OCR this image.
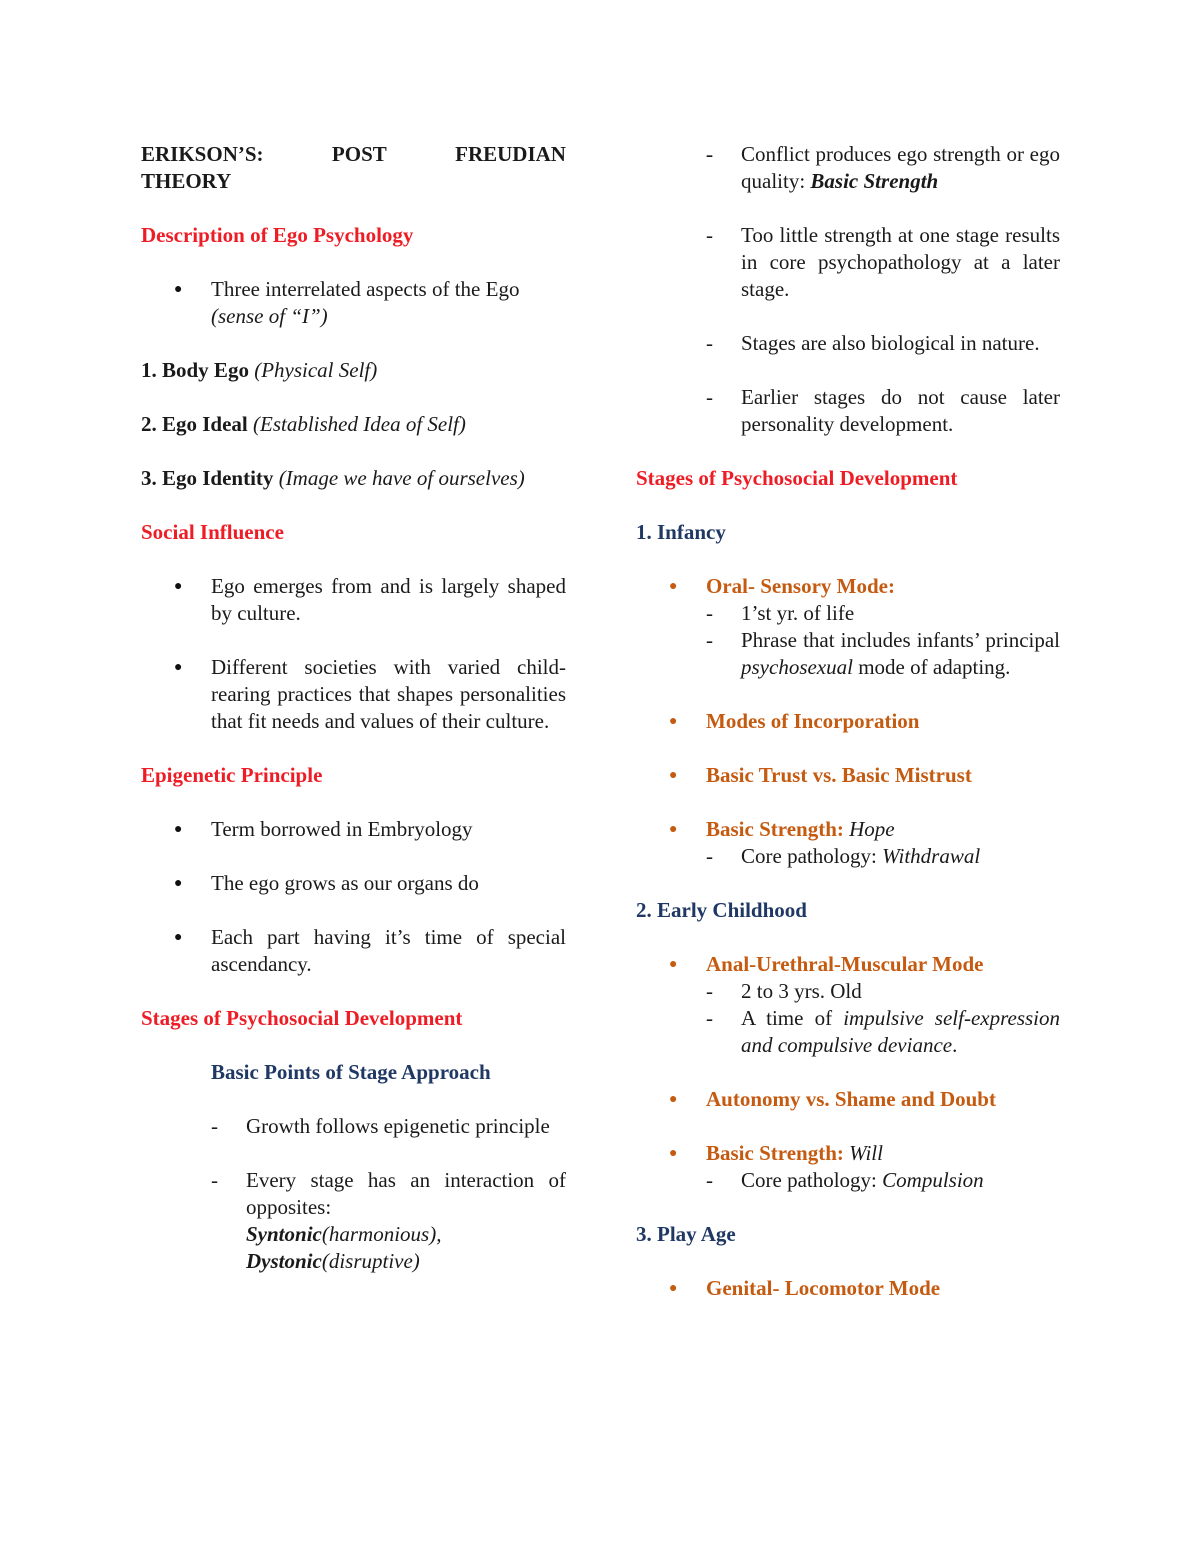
ERIKSON’S:	POST	FREUDIAN
THEORY
Description of Ego Psychology
● Three interrelated aspects of the Ego
(sense of “I”)
1. Body Ego (Physical Self)
2. Ego Ideal (Established Idea of Self)
3. Ego Identity (Image we have of ourselves)
Social Influence
● Ego emerges from and is largely shaped by culture.
● Different societies with varied child-rearing practices that shapes personalities that fit needs and values of their culture.
Epigenetic Principle
● Term borrowed in Embryology
● The ego grows as our organs do
● Each part having it’s time of special ascendancy.
Stages of Psychosocial Development
Basic Points of Stage Approach
- Growth follows epigenetic principle
- Every stage has an interaction of opposites:
Syntonic(harmonious),
Dystonic(disruptive)
- Conflict produces ego strength or ego quality: Basic Strength
- Too little strength at one stage results in core psychopathology at a later stage.
- Stages are also biological in nature.
- Earlier stages do not cause later personality development.
Stages of Psychosocial Development
1. Infancy
● Oral- Sensory Mode:
- 1’st yr. of life
- Phrase that includes infants’ principal psychosexual mode of adapting.
● Modes of Incorporation
● Basic Trust vs. Basic Mistrust
● Basic Strength: Hope
- Core pathology: Withdrawal
2. Early Childhood
● Anal-Urethral-Muscular Mode
- 2 to 3 yrs. Old
- A time of impulsive self-expression and compulsive deviance.
● Autonomy vs. Shame and Doubt
● Basic Strength: Will
- Core pathology: Compulsion
3. Play Age
● Genital- Locomotor Mode
